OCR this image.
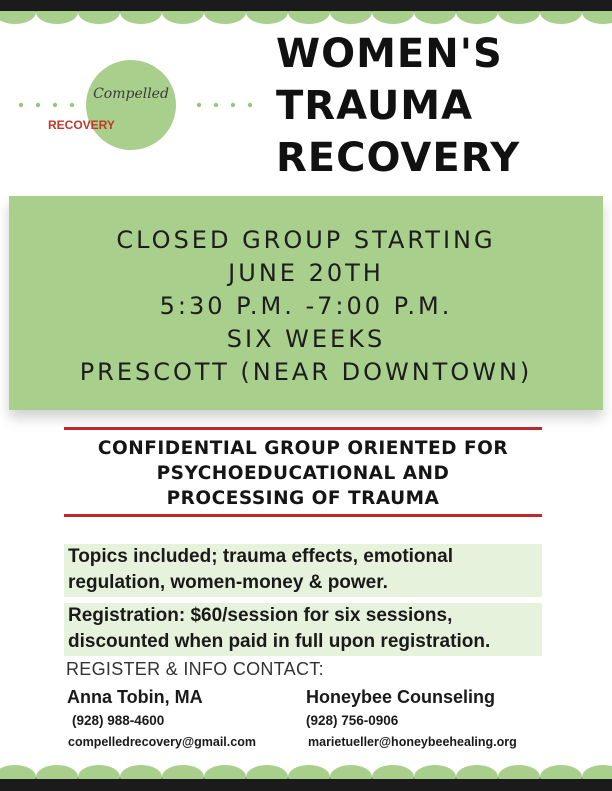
Compelled
RECOVERY
WOMEN'S
TRAUMA
RECOVERY
CLOSED GROUP STARTING
JUNE 20TH
5:30 P.M. -7:00 P.M.
SIX WEEKS
PRESCOTT (NEAR DOWNTOWN)
CONFIDENTIAL GROUP ORIENTED FOR
PSYCHOEDUCATIONAL AND
PROCESSING OF TRAUMA
Topics included; trauma effects, emotional
regulation, women-money & power.
Registration: $60/session for six sessions,
discounted when paid in full upon registration.
REGISTER & INFO CONTACT:
Anna Tobin, MA
(928) 988-4600
compelledrecovery@gmail.com
Honeybee Counseling
(928) 756-0906
marietueller@honeybeehealing.org
